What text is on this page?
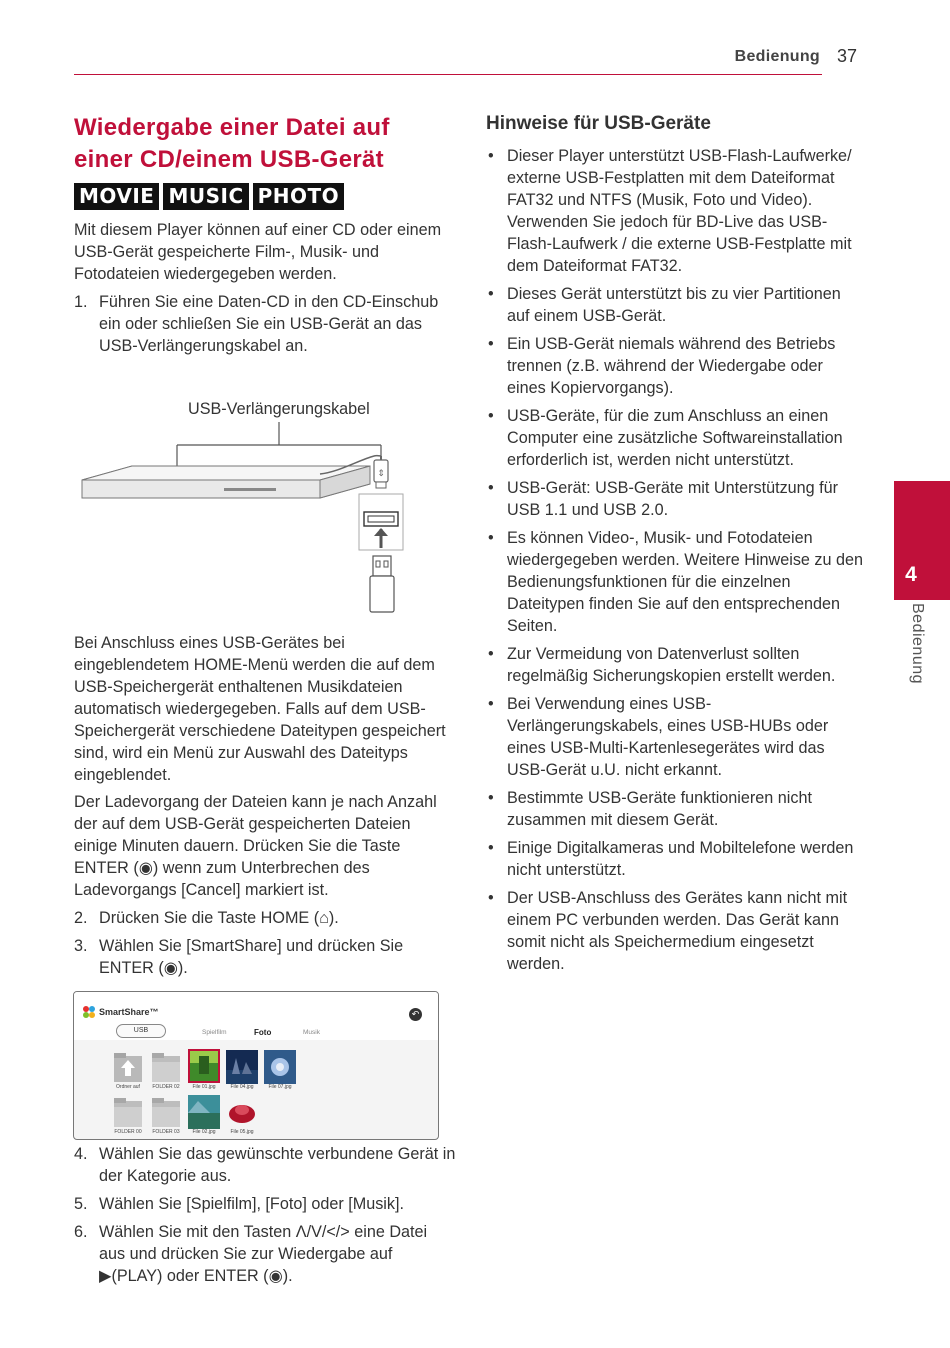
Bedienung 37
4
Bedienung
Wiedergabe einer Datei auf
einer CD/einem USB-Gerät
MOVIE MUSIC PHOTO
Mit diesem Player können auf einer CD oder einem USB-Gerät gespeicherte Film-, Musik- und Fotodateien wiedergegeben werden.
1. Führen Sie eine Daten-CD in den CD-Einschub ein oder schließen Sie ein USB-Gerät an das USB-Verlängerungskabel an.
USB-Verlängerungskabel
⇕
Bei Anschluss eines USB-Gerätes bei eingeblendetem HOME-Menü werden die auf dem USB-Speichergerät enthaltenen Musikdateien automatisch wiedergegeben. Falls auf dem USB-Speichergerät verschiedene Dateitypen gespeichert sind, wird ein Menü zur Auswahl des Dateityps eingeblendet.
Der Ladevorgang der Dateien kann je nach Anzahl der auf dem USB-Gerät gespeicherten Dateien einige Minuten dauern. Drücken Sie die Taste ENTER (◉) wenn zum Unterbrechen des Ladevorgangs [Cancel] markiert ist.
2. Drücken Sie die Taste HOME (⌂).
3. Wählen Sie [SmartShare] und drücken Sie ENTER (◉).
SmartShare™
USB	Spielfilm	Foto	Musik
↶
Ordner auf	FOLDER 02	File 01.jpg	File 04.jpg	File 07.jpg
FOLDER 00	FOLDER 03	File 02.jpg	File 05.jpg
4. Wählen Sie das gewünschte verbundene Gerät in der Kategorie aus.
5. Wählen Sie [Spielfilm], [Foto] oder [Musik].
6. Wählen Sie mit den Tasten Λ/V/</> eine Datei aus und drücken Sie zur Wiedergabe auf ▶(PLAY) oder ENTER (◉).
Hinweise für USB-Geräte
• Dieser Player unterstützt USB-Flash-Laufwerke/ externe USB-Festplatten mit dem Dateiformat FAT32 und NTFS (Musik, Foto und Video). Verwenden Sie jedoch für BD-Live das USB-Flash-Laufwerk / die externe USB-Festplatte mit dem Dateiformat FAT32.
• Dieses Gerät unterstützt bis zu vier Partitionen auf einem USB-Gerät.
• Ein USB-Gerät niemals während des Betriebs trennen (z.B. während der Wiedergabe oder eines Kopiervorgangs).
• USB-Geräte, für die zum Anschluss an einen Computer eine zusätzliche Softwareinstallation erforderlich ist, werden nicht unterstützt.
• USB-Gerät: USB-Geräte mit Unterstützung für USB 1.1 und USB 2.0.
• Es können Video-, Musik- und Fotodateien wiedergegeben werden. Weitere Hinweise zu den Bedienungsfunktionen für die einzelnen Dateitypen finden Sie auf den entsprechenden Seiten.
• Zur Vermeidung von Datenverlust sollten regelmäßig Sicherungskopien erstellt werden.
• Bei Verwendung eines USB-Verlängerungskabels, eines USB-HUBs oder eines USB-Multi-Kartenlesegerätes wird das USB-Gerät u.U. nicht erkannt.
• Bestimmte USB-Geräte funktionieren nicht zusammen mit diesem Gerät.
• Einige Digitalkameras und Mobiltelefone werden nicht unterstützt.
• Der USB-Anschluss des Gerätes kann nicht mit einem PC verbunden werden. Das Gerät kann somit nicht als Speichermedium eingesetzt werden.
